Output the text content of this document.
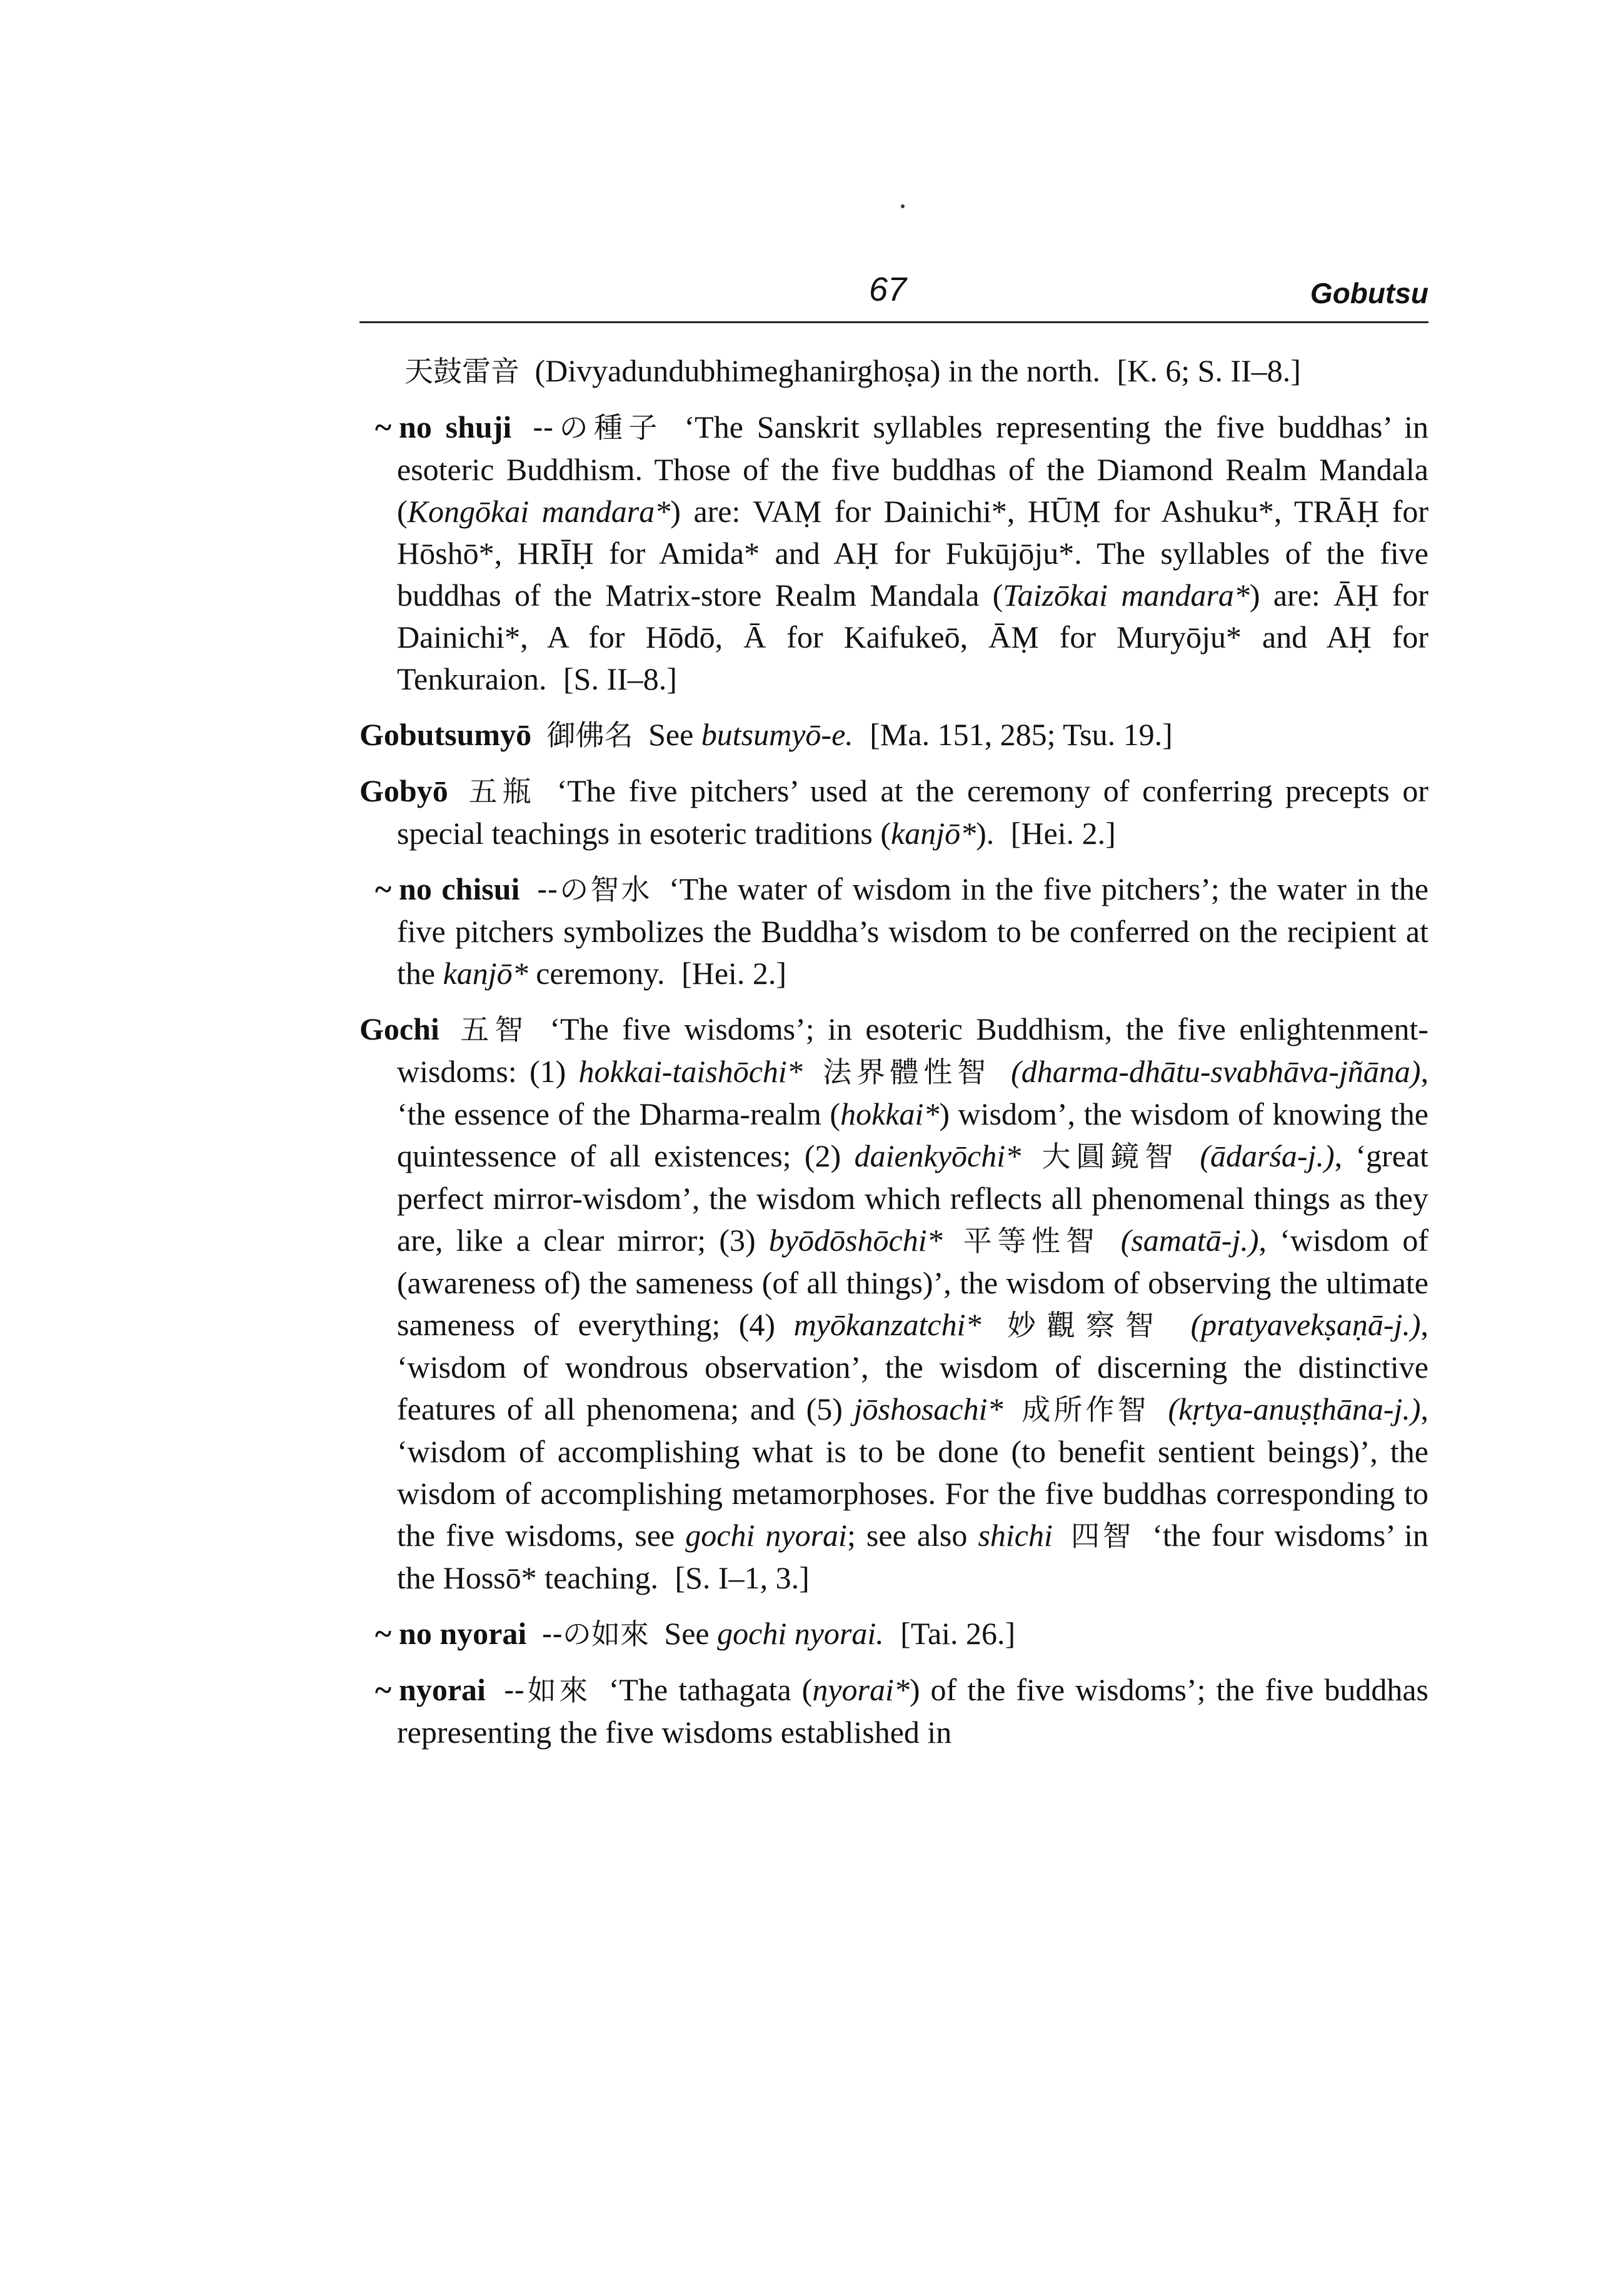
67	Gobutsu

天鼓雷音 (Divyadundubhimeghanirghoṣa) in the north. [K. 6; S. II–8.]

~ no shuji --の種子 ‘The Sanskrit syllables representing the five buddhas’ in esoteric Buddhism. Those of the five buddhas of the Diamond Realm Mandala (Kongōkai mandara*) are: VAṂ for Dainichi*, HŪṂ for Ashuku*, TRĀḤ for Hōshō*, HRĪḤ for Amida* and AḤ for Fukūjōju*. The syllables of the five buddhas of the Matrix-store Realm Mandala (Taizōkai mandara*) are: ĀḤ for Dainichi*, A for Hōdō, Ā for Kaifukeō, ĀṂ for Muryōju* and AḤ for Tenkuraion. [S. II–8.]

Gobutsumyō 御佛名 See butsumyō-e. [Ma. 151, 285; Tsu. 19.]

Gobyō 五瓶 ‘The five pitchers’ used at the ceremony of conferring precepts or special teachings in esoteric traditions (kanjō*). [Hei. 2.]

~ no chisui --の智水 ‘The water of wisdom in the five pitchers’; the water in the five pitchers symbolizes the Buddha’s wisdom to be conferred on the recipient at the kanjō* ceremony. [Hei. 2.]

Gochi 五智 ‘The five wisdoms’; in esoteric Buddhism, the five enlightenment-wisdoms: (1) hokkai-taishōchi* 法界體性智 (dharma-dhātu-svabhāva-jñāna), ‘the essence of the Dharma-realm (hokkai*) wisdom’, the wisdom of knowing the quintessence of all existences; (2) daienkyōchi* 大圓鏡智 (ādarśa-j.), ‘great perfect mirror-wisdom’, the wisdom which reflects all phenomenal things as they are, like a clear mirror; (3) byōdōshōchi* 平等性智 (samatā-j.), ‘wisdom of (awareness of) the sameness (of all things)’, the wisdom of observing the ultimate sameness of everything; (4) myōkanzatchi* 妙觀察智 (pratyavekṣaṇā-j.), ‘wisdom of wondrous observation’, the wisdom of discerning the distinctive features of all phenomena; and (5) jōshosachi* 成所作智 (kṛtya-anuṣṭhāna-j.), ‘wisdom of accomplishing what is to be done (to benefit sentient beings)’, the wisdom of accomplishing metamorphoses. For the five buddhas corresponding to the five wisdoms, see gochi nyorai; see also shichi 四智 ‘the four wisdoms’ in the Hossō* teaching. [S. I–1, 3.]

~ no nyorai --の如來 See gochi nyorai. [Tai. 26.]

~ nyorai --如來 ‘The tathagata (nyorai*) of the five wisdoms’; the five buddhas representing the five wisdoms established in
